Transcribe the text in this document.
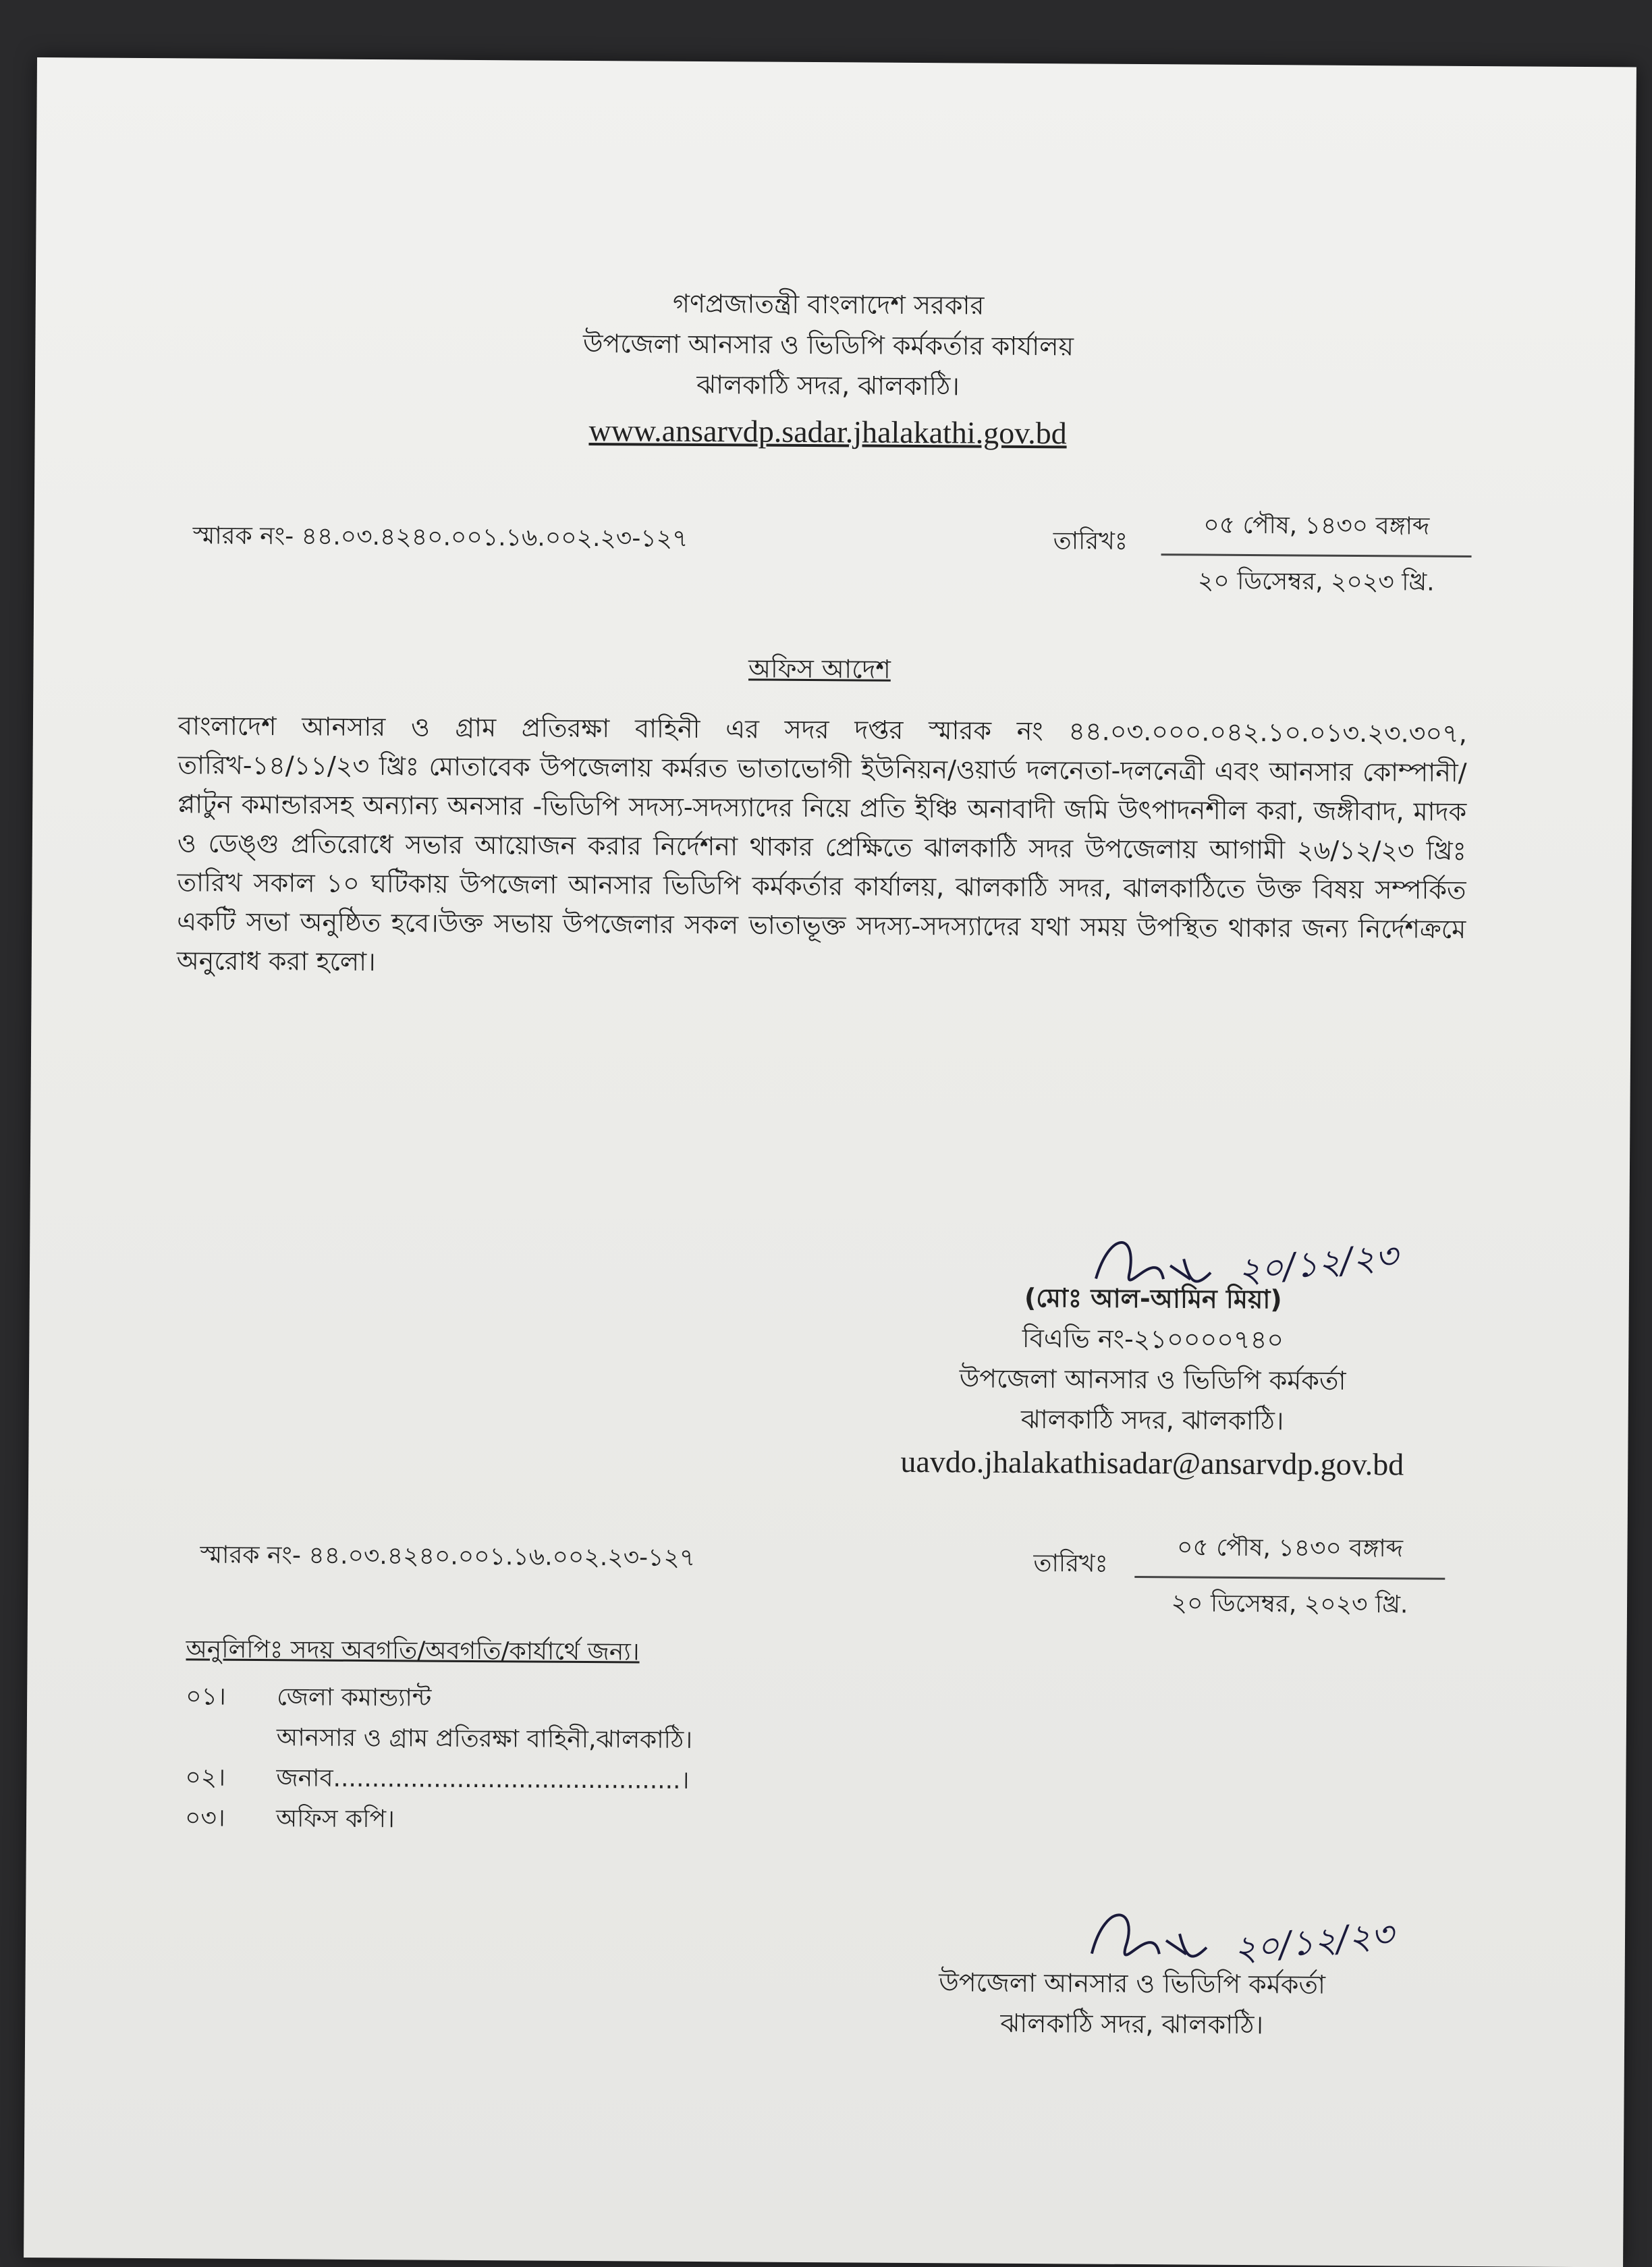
গণপ্রজাতন্ত্রী বাংলাদেশ সরকার
উপজেলা আনসার ও ভিডিপি কর্মকর্তার কার্যালয়
ঝালকাঠি সদর, ঝালকাঠি।
www.ansarvdp.sadar.jhalakathi.gov.bd
স্মারক নং- ৪৪.০৩.৪২৪০.০০১.১৬.০০২.২৩-১২৭	তারিখঃ
০৫ পৌষ, ১৪৩০ বঙ্গাব্দ
২০ ডিসেম্বর, ২০২৩ খ্রি.
অফিস আদেশ
বাংলাদেশ আনসার ও গ্রাম প্রতিরক্ষা বাহিনী এর সদর দপ্তর স্মারক নং ৪৪.০৩.০০০.০৪২.১০.০১৩.২৩.৩০৭, তারিখ-১৪/১১/২৩ খ্রিঃ মোতাবেক উপজেলায় কর্মরত ভাতাভোগী ইউনিয়ন/ওয়ার্ড দলনেতা-দলনেত্রী এবং আনসার কোম্পানী/প্লাটুন কমান্ডারসহ অন্যান্য অনসার -ভিডিপি সদস্য-সদস্যাদের নিয়ে প্রতি ইঞ্চি অনাবাদী জমি উৎপাদনশীল করা, জঙ্গীবাদ, মাদক ও ডেঙ্গু প্রতিরোধে সভার আয়োজন করার নির্দেশনা থাকার প্রেক্ষিতে ঝালকাঠি সদর উপজেলায় আগামী ২৬/১২/২৩ খ্রিঃ তারিখ সকাল ১০ ঘটিকায় উপজেলা আনসার ভিডিপি কর্মকর্তার কার্যালয়, ঝালকাঠি সদর, ঝালকাঠিতে উক্ত বিষয় সম্পর্কিত একটি সভা অনুষ্ঠিত হবে।উক্ত সভায় উপজেলার সকল ভাতাভূক্ত সদস্য-সদস্যাদের যথা সময় উপস্থিত থাকার জন্য নির্দেশক্রমে অনুরোধ করা হলো।
২০/১২/২৩
(মোঃ আল-আমিন মিয়া)
বিএভি নং-২১০০০০৭৪০
উপজেলা আনসার ও ভিডিপি কর্মকর্তা
ঝালকাঠি সদর, ঝালকাঠি।
uavdo.jhalakathisadar@ansarvdp.gov.bd
স্মারক নং- ৪৪.০৩.৪২৪০.০০১.১৬.০০২.২৩-১২৭	তারিখঃ
০৫ পৌষ, ১৪৩০ বঙ্গাব্দ
২০ ডিসেম্বর, ২০২৩ খ্রি.
অনুলিপিঃ সদয় অবগতি/অবগতি/কার্যার্থে জন্য।
০১। জেলা কমান্ড্যান্ট
আনসার ও গ্রাম প্রতিরক্ষা বাহিনী,ঝালকাঠি।
০২। জনাব.............................................।
০৩। অফিস কপি।
২০/১২/২৩
উপজেলা আনসার ও ভিডিপি কর্মকর্তা
ঝালকাঠি সদর, ঝালকাঠি।
